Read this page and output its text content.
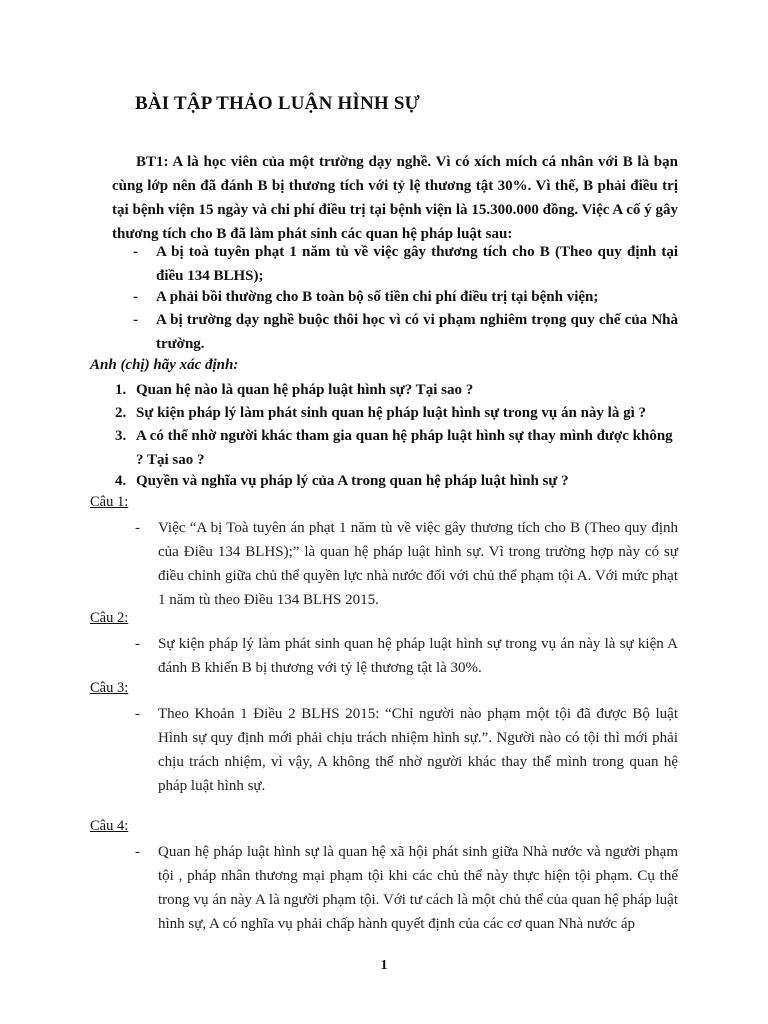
BÀI TẬP THẢO LUẬN HÌNH SỰ

BT1: A là học viên của một trường dạy nghề. Vì có xích mích cá nhân với B là bạn cùng lớp nên đã đánh B bị thương tích với tỷ lệ thương tật 30%. Vì thế, B phải điều trị tại bệnh viện 15 ngày và chi phí điều trị tại bệnh viện là 15.300.000 đồng. Việc A cố ý gây thương tích cho B đã làm phát sinh các quan hệ pháp luật sau:

- A bị toà tuyên phạt 1 năm tù về việc gây thương tích cho B (Theo quy định tại điều 134 BLHS);
- A phải bồi thường cho B toàn bộ số tiền chi phí điều trị tại bệnh viện;
- A bị trường dạy nghề buộc thôi học vì có vi phạm nghiêm trọng quy chế của Nhà trường.
Anh (chị) hãy xác định:
1. Quan hệ nào là quan hệ pháp luật hình sự? Tại sao ?
2. Sự kiện pháp lý làm phát sinh quan hệ pháp luật hình sự trong vụ án này là gì ?
3. A có thể nhờ người khác tham gia quan hệ pháp luật hình sự thay mình được không ? Tại sao ?
4. Quyền và nghĩa vụ pháp lý của A trong quan hệ pháp luật hình sự ?
Câu 1:
- Việc “A bị Toà tuyên án phạt 1 năm tù về việc gây thương tích cho B (Theo quy định của Điều 134 BLHS);” là quan hệ pháp luật hình sự. Vì trong trường hợp này có sự điều chỉnh giữa chủ thể quyền lực nhà nước đối với chủ thể phạm tội A. Với mức phạt 1 năm tù theo Điều 134 BLHS 2015.
Câu 2:
- Sự kiện pháp lý làm phát sinh quan hệ pháp luật hình sự trong vụ án này là sự kiện A đánh B khiến B bị thương với tỷ lệ thương tật là 30%.
Câu 3:
- Theo Khoản 1 Điều 2 BLHS 2015: “Chỉ người nào phạm một tội đã được Bộ luật Hình sự quy định mới phải chịu trách nhiệm hình sự.”. Người nào có tội thì mới phải chịu trách nhiệm, vì vậy, A không thể nhờ người khác thay thế mình trong quan hệ pháp luật hình sự.
Câu 4:
- Quan hệ pháp luật hình sự là quan hệ xã hội phát sinh giữa Nhà nước và người phạm tội , pháp nhân thương mại phạm tội khi các chủ thể này thực hiện tội phạm. Cụ thể trong vụ án này A là người phạm tội. Với tư cách là một chủ thể của quan hệ pháp luật hình sự, A có nghĩa vụ phải chấp hành quyết định của các cơ quan Nhà nước áp
1
